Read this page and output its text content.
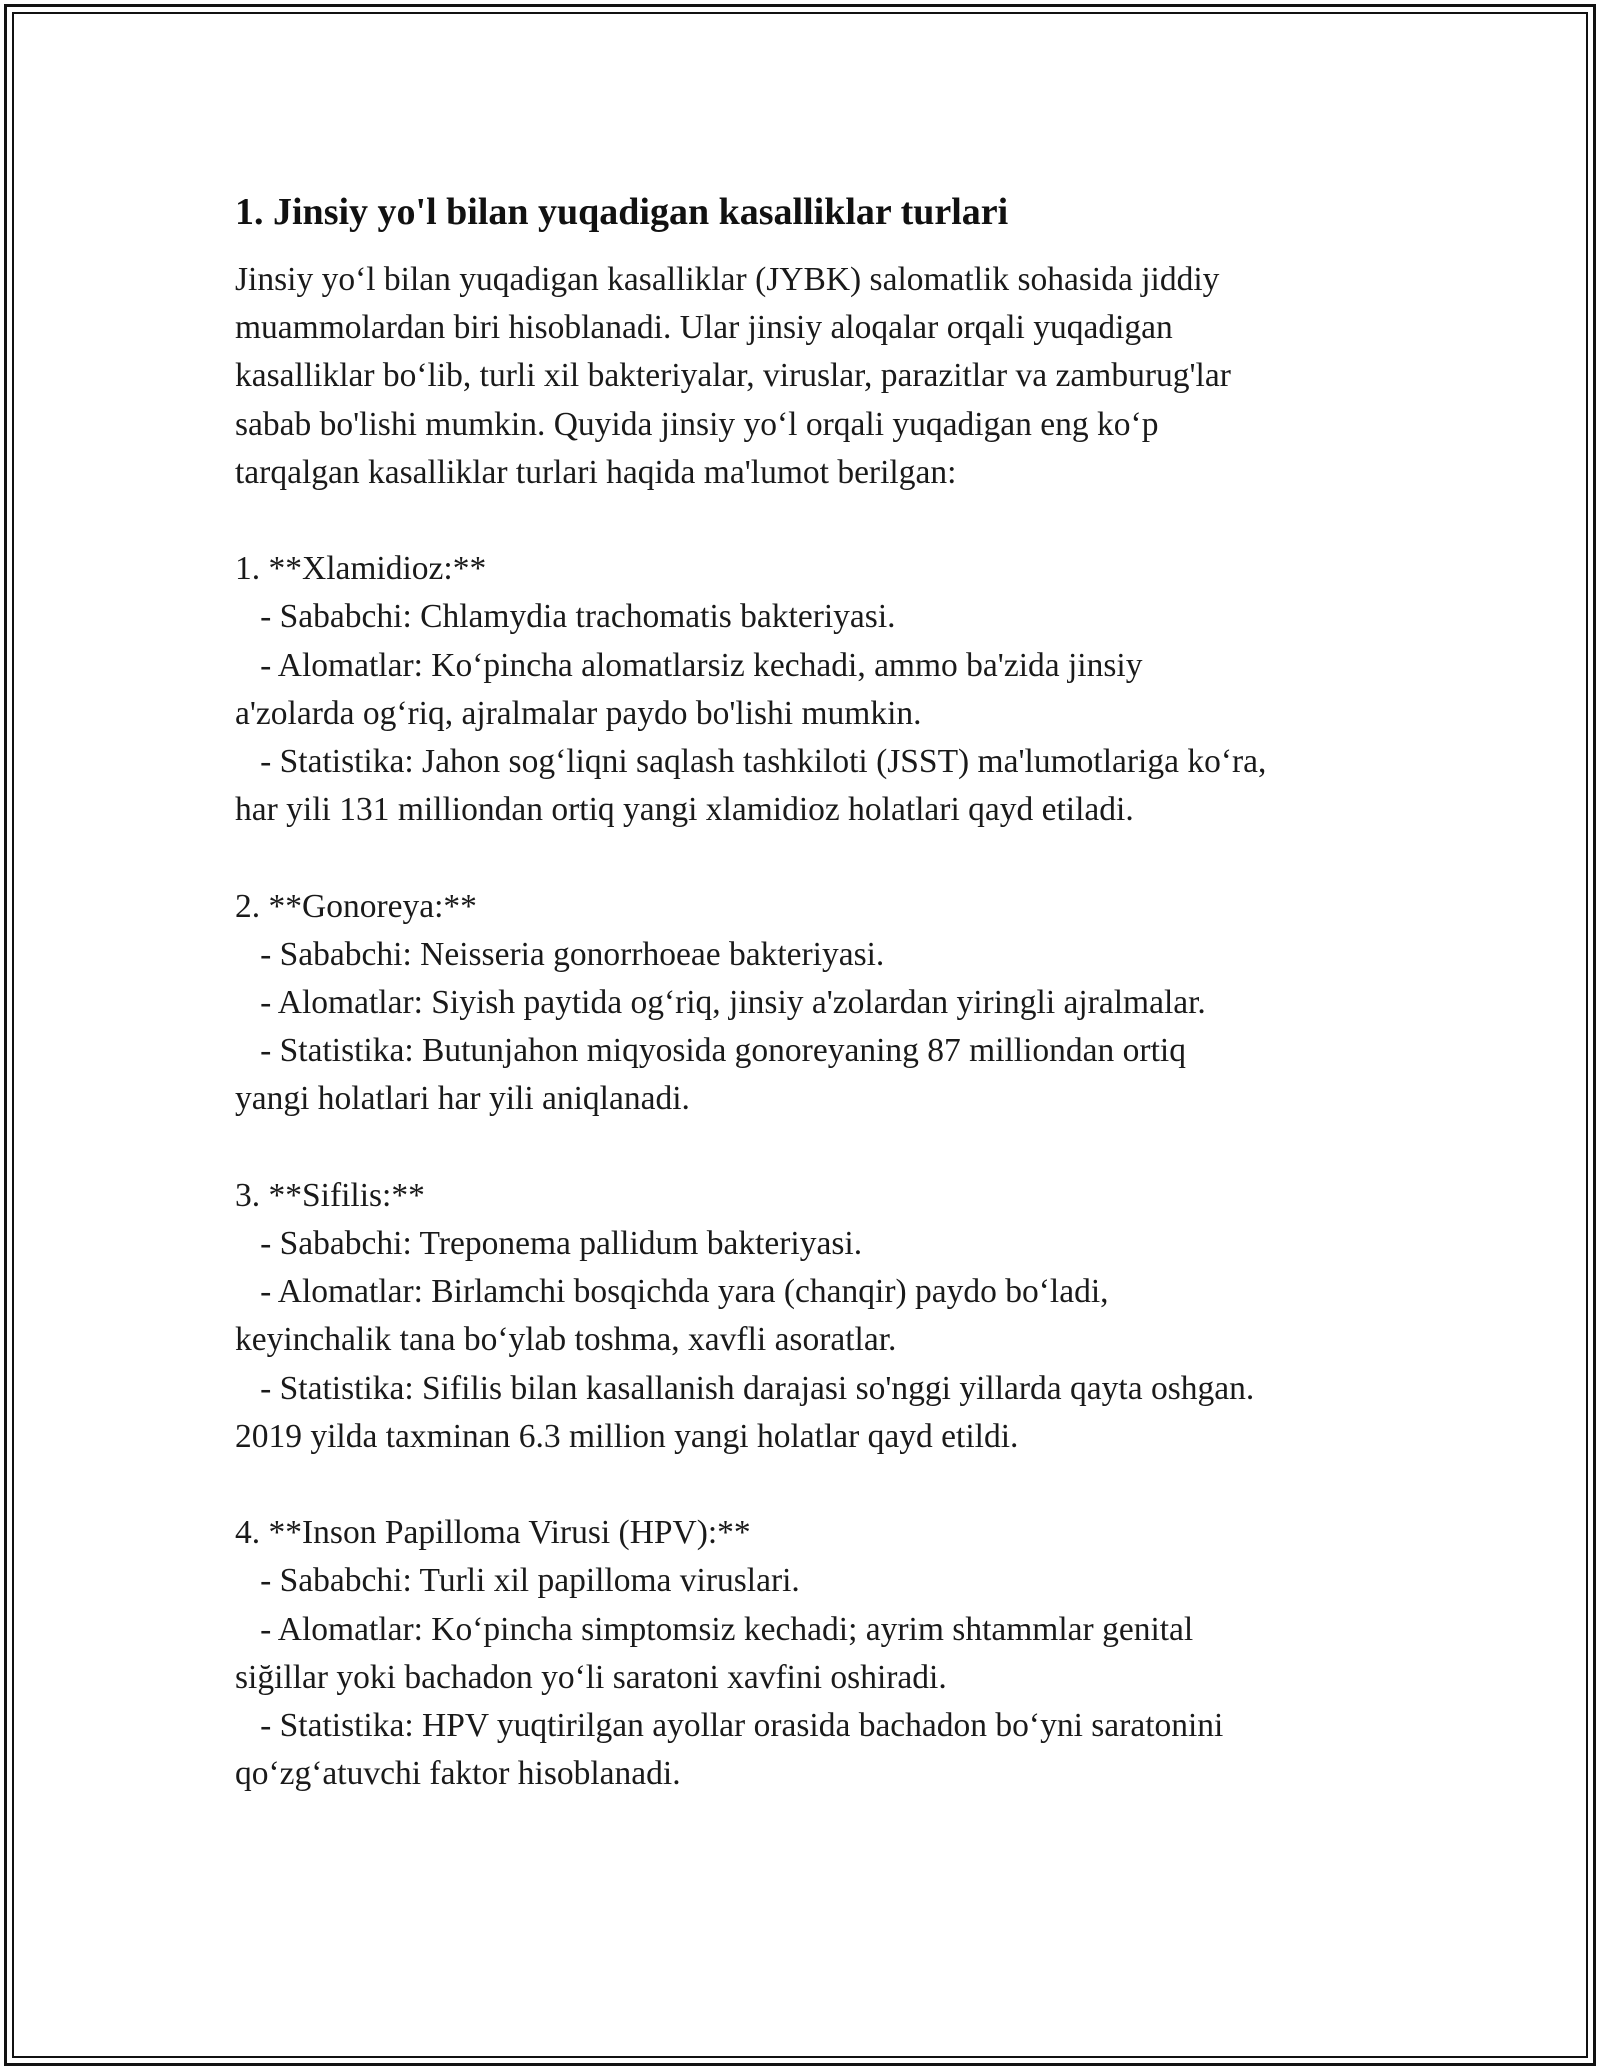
1. Jinsiy yo'l bilan yuqadigan kasalliklar turlari
Jinsiy yo‘l bilan yuqadigan kasalliklar (JYBK) salomatlik sohasida jiddiy
muammolardan biri hisoblanadi. Ular jinsiy aloqalar orqali yuqadigan
kasalliklar bo‘lib, turli xil bakteriyalar, viruslar, parazitlar va zamburug'lar
sabab bo'lishi mumkin. Quyida jinsiy yo‘l orqali yuqadigan eng ko‘p
tarqalgan kasalliklar turlari haqida ma'lumot berilgan:
1. **Xlamidioz:**
- Sababchi: Chlamydia trachomatis bakteriyasi.
- Alomatlar: Ko‘pincha alomatlarsiz kechadi, ammo ba'zida jinsiy
a'zolarda og‘riq, ajralmalar paydo bo'lishi mumkin.
- Statistika: Jahon sog‘liqni saqlash tashkiloti (JSST) ma'lumotlariga ko‘ra,
har yili 131 milliondan ortiq yangi xlamidioz holatlari qayd etiladi.
2. **Gonoreya:**
- Sababchi: Neisseria gonorrhoeae bakteriyasi.
- Alomatlar: Siyish paytida og‘riq, jinsiy a'zolardan yiringli ajralmalar.
- Statistika: Butunjahon miqyosida gonoreyaning 87 milliondan ortiq
yangi holatlari har yili aniqlanadi.
3. **Sifilis:**
- Sababchi: Treponema pallidum bakteriyasi.
- Alomatlar: Birlamchi bosqichda yara (chanqir) paydo bo‘ladi,
keyinchalik tana bo‘ylab toshma, xavfli asoratlar.
- Statistika: Sifilis bilan kasallanish darajasi so'nggi yillarda qayta oshgan.
2019 yilda taxminan 6.3 million yangi holatlar qayd etildi.
4. **Inson Papilloma Virusi (HPV):**
- Sababchi: Turli xil papilloma viruslari.
- Alomatlar: Ko‘pincha simptomsiz kechadi; ayrim shtammlar genital
siğillar yoki bachadon yo‘li saratoni xavfini oshiradi.
- Statistika: HPV yuqtirilgan ayollar orasida bachadon bo‘yni saratonini
qo‘zg‘atuvchi faktor hisoblanadi.
